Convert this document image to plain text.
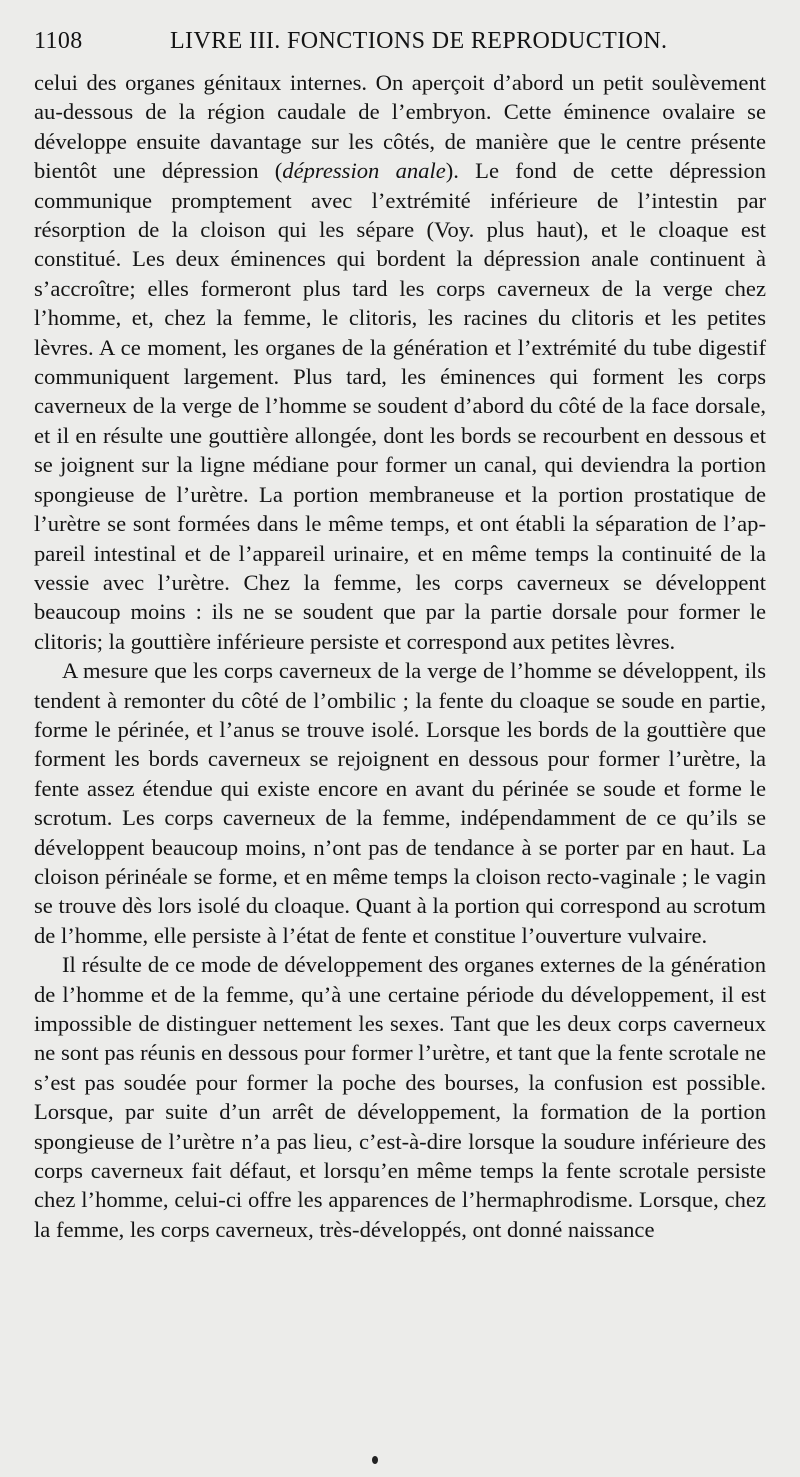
1108	LIVRE III. FONCTIONS DE REPRODUCTION.

celui des organes génitaux internes. On aperçoit d’abord un petit soulèvement au-dessous de la région caudale de l’embryon. Cette éminence ovalaire se développe ensuite davantage sur les côtés, de manière que le centre présente bientôt une dépression (dépression anale). Le fond de cette dépression communique promptement avec l’extrémité inférieure de l’intestin par résorption de la cloison qui les sépare (Voy. plus haut), et le cloaque est constitué. Les deux éminences qui bordent la dépression anale continuent à s’accroître; elles formeront plus tard les corps caverneux de la verge chez l’homme, et, chez la femme, le clitoris, les racines du clitoris et les petites lèvres. A ce moment, les organes de la génération et l’extrémité du tube digestif communiquent largement. Plus tard, les éminences qui forment les corps caverneux de la verge de l’homme se soudent d’abord du côté de la face dorsale, et il en résulte une gouttière allongée, dont les bords se recourbent en dessous et se joignent sur la ligne médiane pour former un canal, qui deviendra la portion spongieuse de l’urètre. La portion membraneuse et la portion prostatique de l’urètre se sont formées dans le même temps, et ont établi la séparation de l’appareil intestinal et de l’appareil urinaire, et en même temps la continuité de la vessie avec l’urètre. Chez la femme, les corps caverneux se développent beaucoup moins : ils ne se soudent que par la partie dorsale pour former le clitoris; la gouttière inférieure persiste et correspond aux petites lèvres.

A mesure que les corps caverneux de la verge de l’homme se développent, ils tendent à remonter du côté de l’ombilic ; la fente du cloaque se soude en partie, forme le périnée, et l’anus se trouve isolé. Lorsque les bords de la gouttière que forment les bords caverneux se rejoignent en dessous pour former l’urètre, la fente assez étendue qui existe encore en avant du périnée se soude et forme le scrotum. Les corps caverneux de la femme, indépendamment de ce qu’ils se développent beaucoup moins, n’ont pas de tendance à se porter par en haut. La cloison périnéale se forme, et en même temps la cloison recto-vaginale ; le vagin se trouve dès lors isolé du cloaque. Quant à la portion qui correspond au scrotum de l’homme, elle persiste à l’état de fente et constitue l’ouverture vulvaire.

Il résulte de ce mode de développement des organes externes de la génération de l’homme et de la femme, qu’à une certaine période du développement, il est impossible de distinguer nettement les sexes. Tant que les deux corps caverneux ne sont pas réunis en dessous pour former l’urètre, et tant que la fente scrotale ne s’est pas soudée pour former la poche des bourses, la confusion est possible. Lorsque, par suite d’un arrêt de développement, la formation de la portion spongieuse de l’urètre n’a pas lieu, c’est-à-dire lorsque la soudure inférieure des corps caverneux fait défaut, et lorsqu’en même temps la fente scrotale persiste chez l’homme, celui-ci offre les apparences de l’hermaphrodisme. Lorsque, chez la femme, les corps caverneux, très-développés, ont donné naissance
